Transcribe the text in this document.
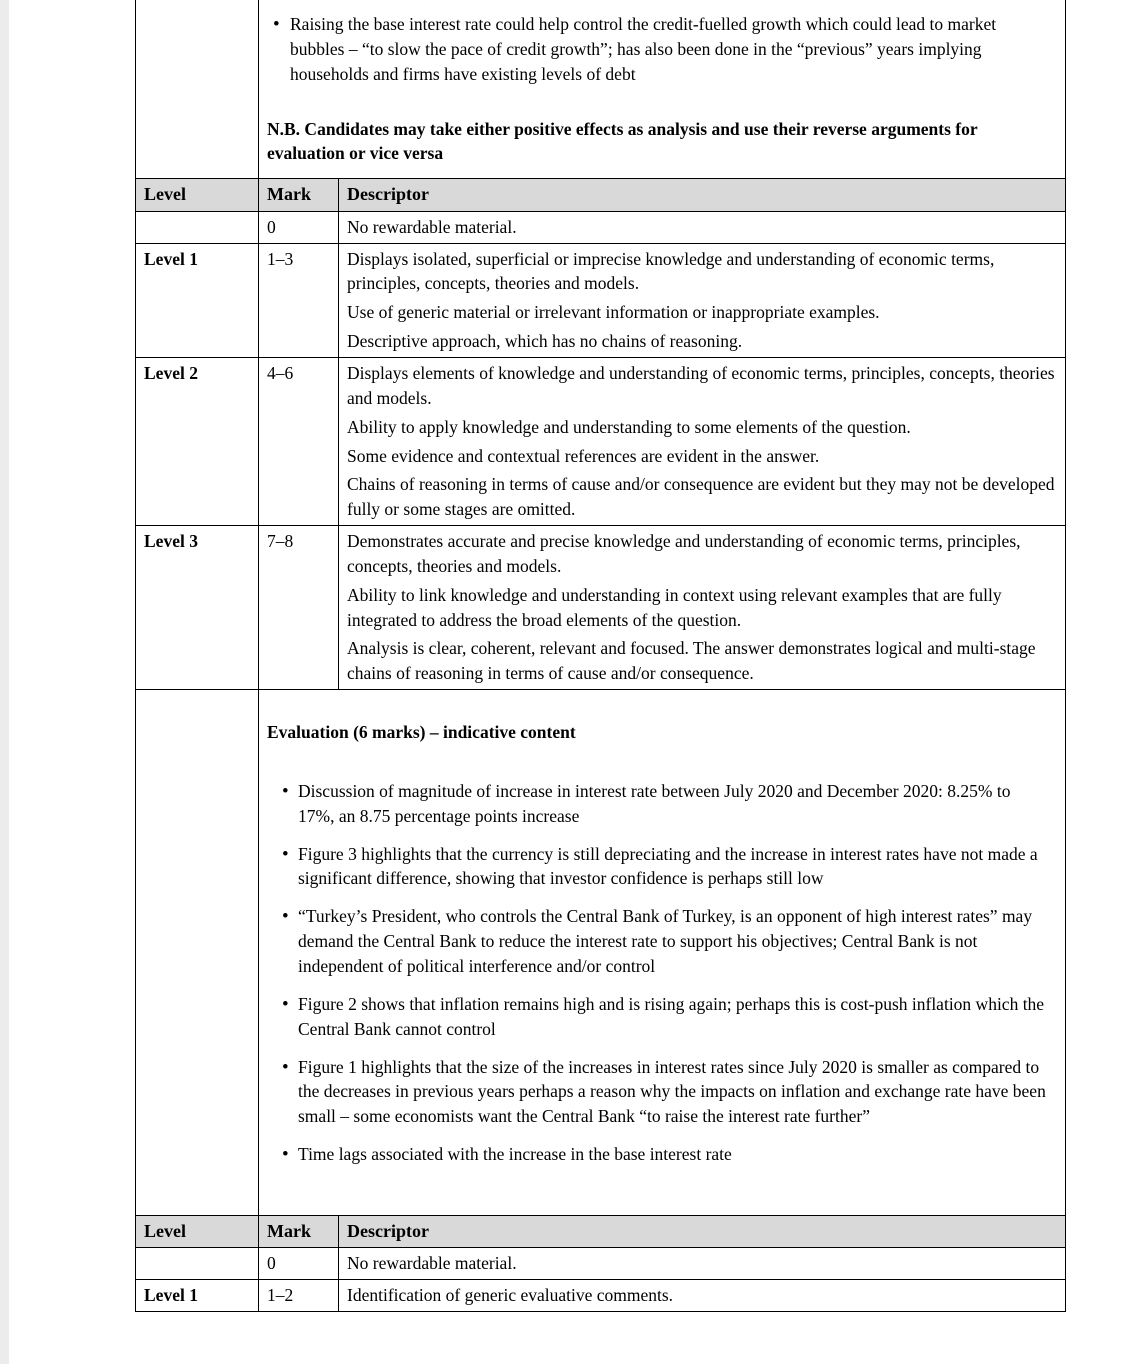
• Raising the base interest rate could help control the credit-fuelled growth which could lead to market bubbles – “to slow the pace of credit growth”; has also been done in the “previous” years implying households and firms have existing levels of debt

N.B. Candidates may take either positive effects as analysis and use their reverse arguments for evaluation or vice versa

Level	Mark	Descriptor
	0	No rewardable material.

Level 1	1–3	Displays isolated, superficial or imprecise knowledge and understanding of economic terms, principles, concepts, theories and models.

Use of generic material or irrelevant information or inappropriate examples.

Descriptive approach, which has no chains of reasoning.

Level 2	4–6	Displays elements of knowledge and understanding of economic terms, principles, concepts, theories and models.

Ability to apply knowledge and understanding to some elements of the question.

Some evidence and contextual references are evident in the answer.

Chains of reasoning in terms of cause and/or consequence are evident but they may not be developed fully or some stages are omitted.

Level 3	7–8	Demonstrates accurate and precise knowledge and understanding of economic terms, principles, concepts, theories and models.

Ability to link knowledge and understanding in context using relevant examples that are fully integrated to address the broad elements of the question.

Analysis is clear, coherent, relevant and focused. The answer demonstrates logical and multi-stage chains of reasoning in terms of cause and/or consequence.

Evaluation (6 marks) – indicative content

• Discussion of magnitude of increase in interest rate between July 2020 and December 2020: 8.25% to 17%, an 8.75 percentage points increase
• Figure 3 highlights that the currency is still depreciating and the increase in interest rates have not made a significant difference, showing that investor confidence is perhaps still low
• “Turkey’s President, who controls the Central Bank of Turkey, is an opponent of high interest rates” may demand the Central Bank to reduce the interest rate to support his objectives; Central Bank is not independent of political interference and/or control
• Figure 2 shows that inflation remains high and is rising again; perhaps this is cost-push inflation which the Central Bank cannot control
• Figure 1 highlights that the size of the increases in interest rates since July 2020 is smaller as compared to the decreases in previous years perhaps a reason why the impacts on inflation and exchange rate have been small – some economists want the Central Bank “to raise the interest rate further”
• Time lags associated with the increase in the base interest rate

Level	Mark	Descriptor
	0	No rewardable material.

Level 1	1–2	Identification of generic evaluative comments.
